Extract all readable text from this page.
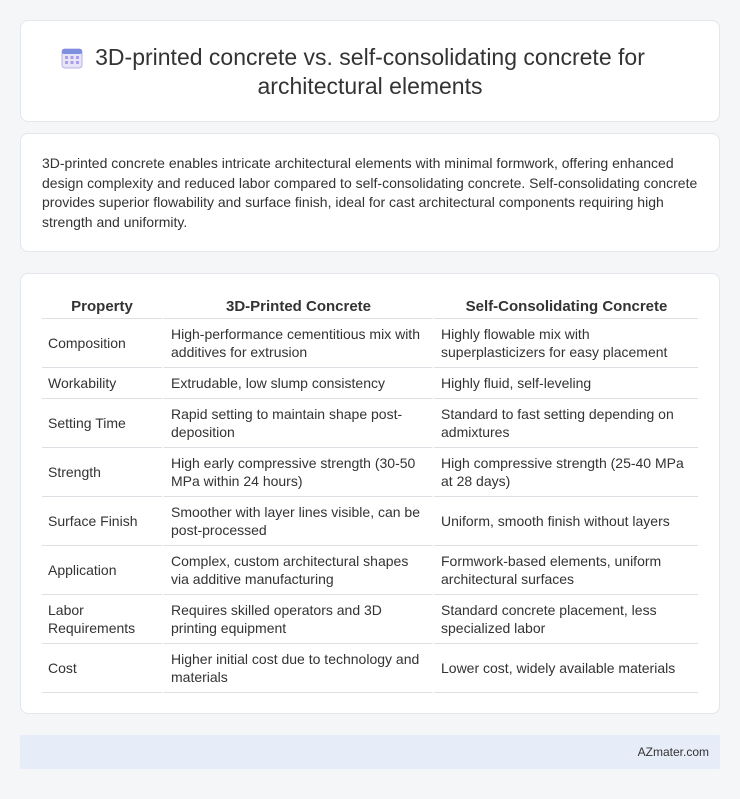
3D-printed concrete vs. self-consolidating concrete for
architectural elements

3D-printed concrete enables intricate architectural elements with minimal formwork, offering enhanced design complexity and reduced labor compared to self-consolidating concrete. Self-consolidating concrete provides superior flowability and surface finish, ideal for cast architectural components requiring high strength and uniformity.

Property	3D-Printed Concrete	Self-Consolidating Concrete
Composition	High-performance cementitious mix with additives for extrusion	Highly flowable mix with superplasticizers for easy placement
Workability	Extrudable, low slump consistency	Highly fluid, self-leveling
Setting Time	Rapid setting to maintain shape post-deposition	Standard to fast setting depending on admixtures
Strength	High early compressive strength (30-50 MPa within 24 hours)	High compressive strength (25-40 MPa at 28 days)
Surface Finish	Smoother with layer lines visible, can be post-processed	Uniform, smooth finish without layers
Application	Complex, custom architectural shapes via additive manufacturing	Formwork-based elements, uniform architectural surfaces
Labor Requirements	Requires skilled operators and 3D printing equipment	Standard concrete placement, less specialized labor
Cost	Higher initial cost due to technology and materials	Lower cost, widely available materials
AZmater.com
